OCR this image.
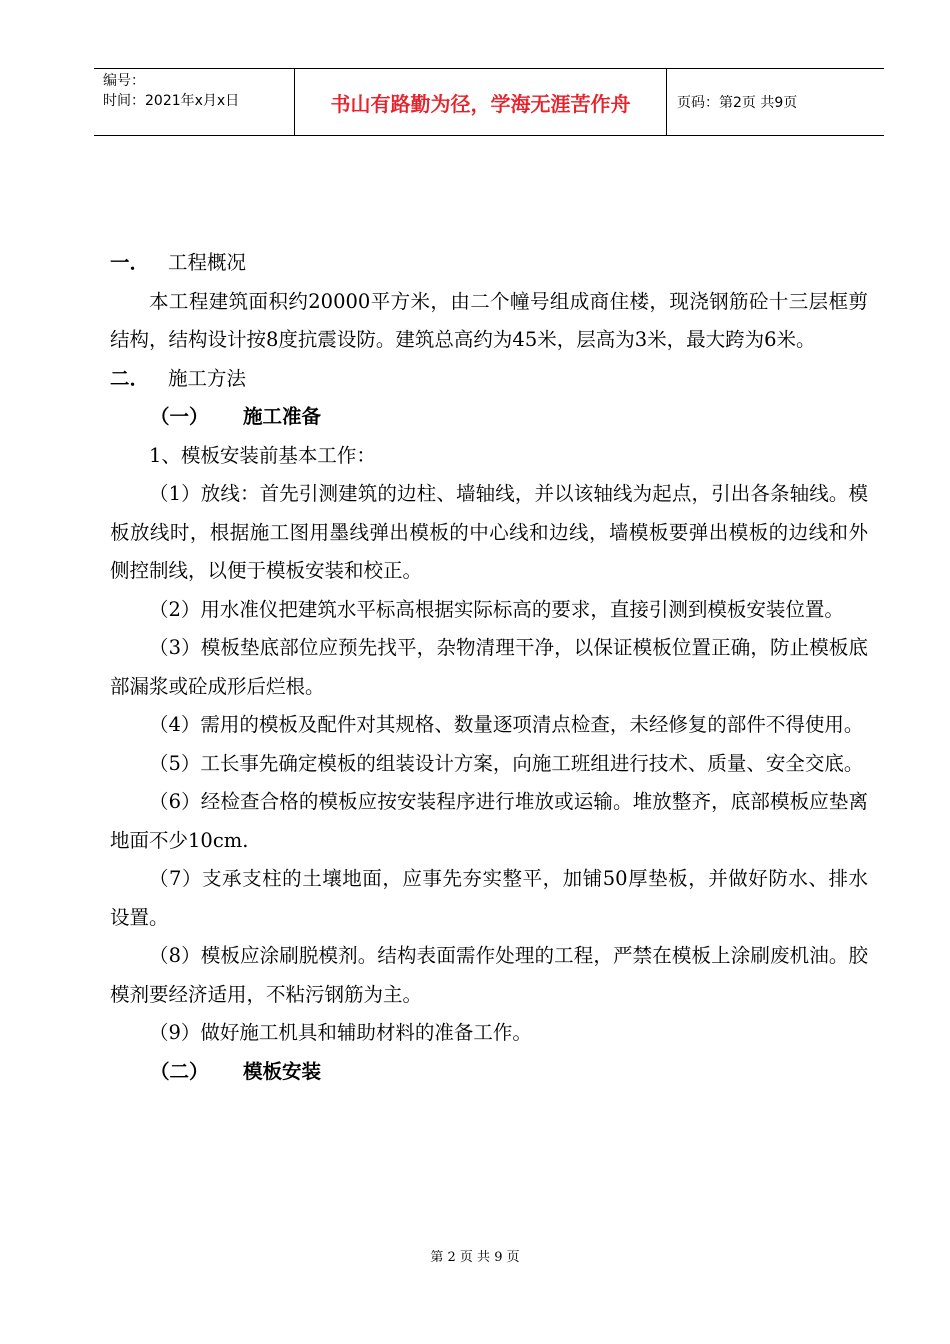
编号：
时间：2021年x月x日	书山有路勤为径，学海无涯苦作舟	页码：第2页 共9页

一． 工程概况

本工程建筑面积约20000平方米，由二个幢号组成商住楼，现浇钢筋砼十三层框剪结构，结构设计按8度抗震设防。建筑总高约为45米，层高为3米，最大跨为6米。

二． 施工方法

（一）	施工准备

1、模板安装前基本工作：

（1）放线：首先引测建筑的边柱、墙轴线，并以该轴线为起点，引出各条轴线。模板放线时，根据施工图用墨线弹出模板的中心线和边线，墙模板要弹出模板的边线和外侧控制线，以便于模板安装和校正。

（2）用水准仪把建筑水平标高根据实际标高的要求，直接引测到模板安装位置。

（3）模板垫底部位应预先找平，杂物清理干净，以保证模板位置正确，防止模板底部漏浆或砼成形后烂根。

（4）需用的模板及配件对其规格、数量逐项清点检查，未经修复的部件不得使用。

（5）工长事先确定模板的组装设计方案，向施工班组进行技术、质量、安全交底。

（6）经检查合格的模板应按安装程序进行堆放或运输。堆放整齐，底部模板应垫离地面不少10cm.

（7）支承支柱的土壤地面，应事先夯实整平，加铺50厚垫板，并做好防水、排水设置。

（8）模板应涂刷脱模剂。结构表面需作处理的工程，严禁在模板上涂刷废机油。胶模剂要经济适用，不粘污钢筋为主。

（9）做好施工机具和辅助材料的准备工作。

（二）	模板安装

第 2 页 共 9 页
